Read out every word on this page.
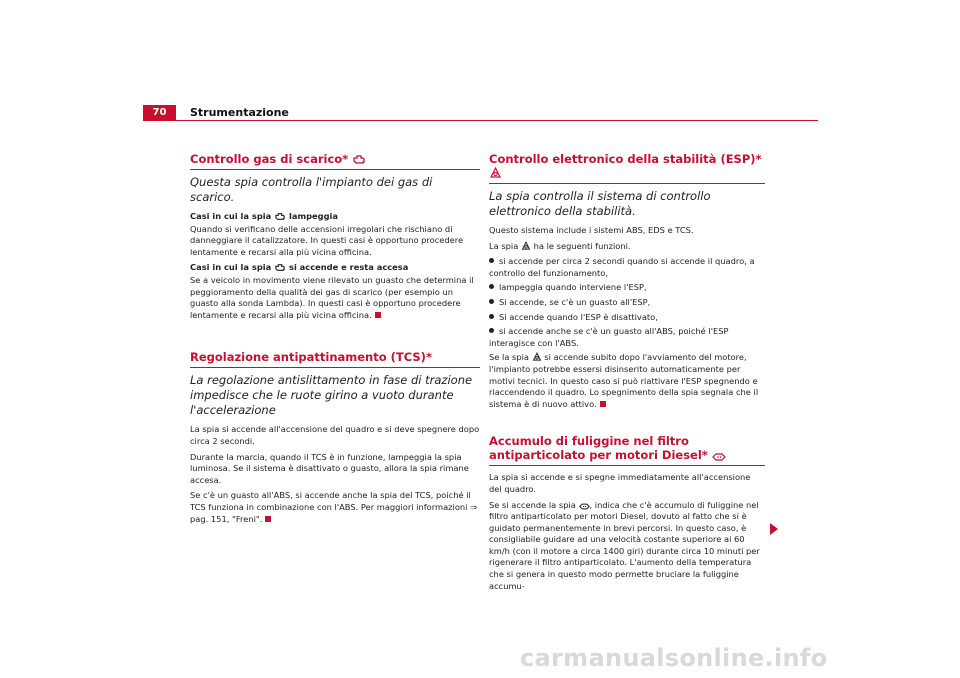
70	Strumentazione
Controllo gas di scarico*
Questa spia controlla l'impianto dei gas di scarico.
Casi in cui la spia lampeggia
Quando si verificano delle accensioni irregolari che rischiano di danneggiare il catalizzatore. In questi casi è opportuno procedere lentamente e recarsi alla più vicina officina.
Casi in cui la spia si accende e resta accesa
Se a veicolo in movimento viene rilevato un guasto che determina il peggioramento della qualità dei gas di scarico (per esempio un guasto alla sonda Lambda). In questi casi è opportuno procedere lentamente e recarsi alla più vicina officina.
Regolazione antipattinamento (TCS)*
La regolazione antislittamento in fase di trazione impedisce che le ruote girino a vuoto durante l'accelerazione
La spia si accende all'accensione del quadro e si deve spegnere dopo circa 2 secondi.
Durante la marcia, quando il TCS è in funzione, lampeggia la spia luminosa. Se il sistema è disattivato o guasto, allora la spia rimane accesa.
Se c'è un guasto all'ABS, si accende anche la spia del TCS, poiché il TCS funziona in combinazione con l'ABS. Per maggiori informazioni ⇒ pag. 151, "Freni".
Controllo elettronico della stabilità (ESP)*
La spia controlla il sistema di controllo elettronico della stabilità.
Questo sistema include i sistemi ABS, EDS e TCS.
La spia ha le seguenti funzioni.
si accende per circa 2 secondi quando si accende il quadro, a controllo del funzionamento,
lampeggia quando interviene l'ESP,
Si accende, se c'è un guasto all'ESP,
Si accende quando l'ESP è disattivato,
si accende anche se c'è un guasto all'ABS, poiché l'ESP interagisce con l'ABS.
Se la spia si accende subito dopo l'avviamento del motore, l'impianto potrebbe essersi disinserito automaticamente per motivi tecnici. In questo caso si può riattivare l'ESP spegnendo e riaccendendo il quadro. Lo spegnimento della spia segnala che il sistema è di nuovo attivo.
Accumulo di fuliggine nel filtro antiparticolato per motori Diesel*
La spia si accende e si spegne immediatamente all'accensione del quadro.
Se si accende la spia , indica che c'è accumulo di fuliggine nel filtro antiparticolato per motori Diesel, dovuto al fatto che si è guidato permanentemente in brevi percorsi. In questo caso, è consigliabile guidare ad una velocità costante superiore ai 60 km/h (con il motore a circa 1400 giri) durante circa 10 minuti per rigenerare il filtro antiparticolato. L'aumento della temperatura che si genera in questo modo permette bruciare la fuliggine accumu-
carmanualsonline.info
